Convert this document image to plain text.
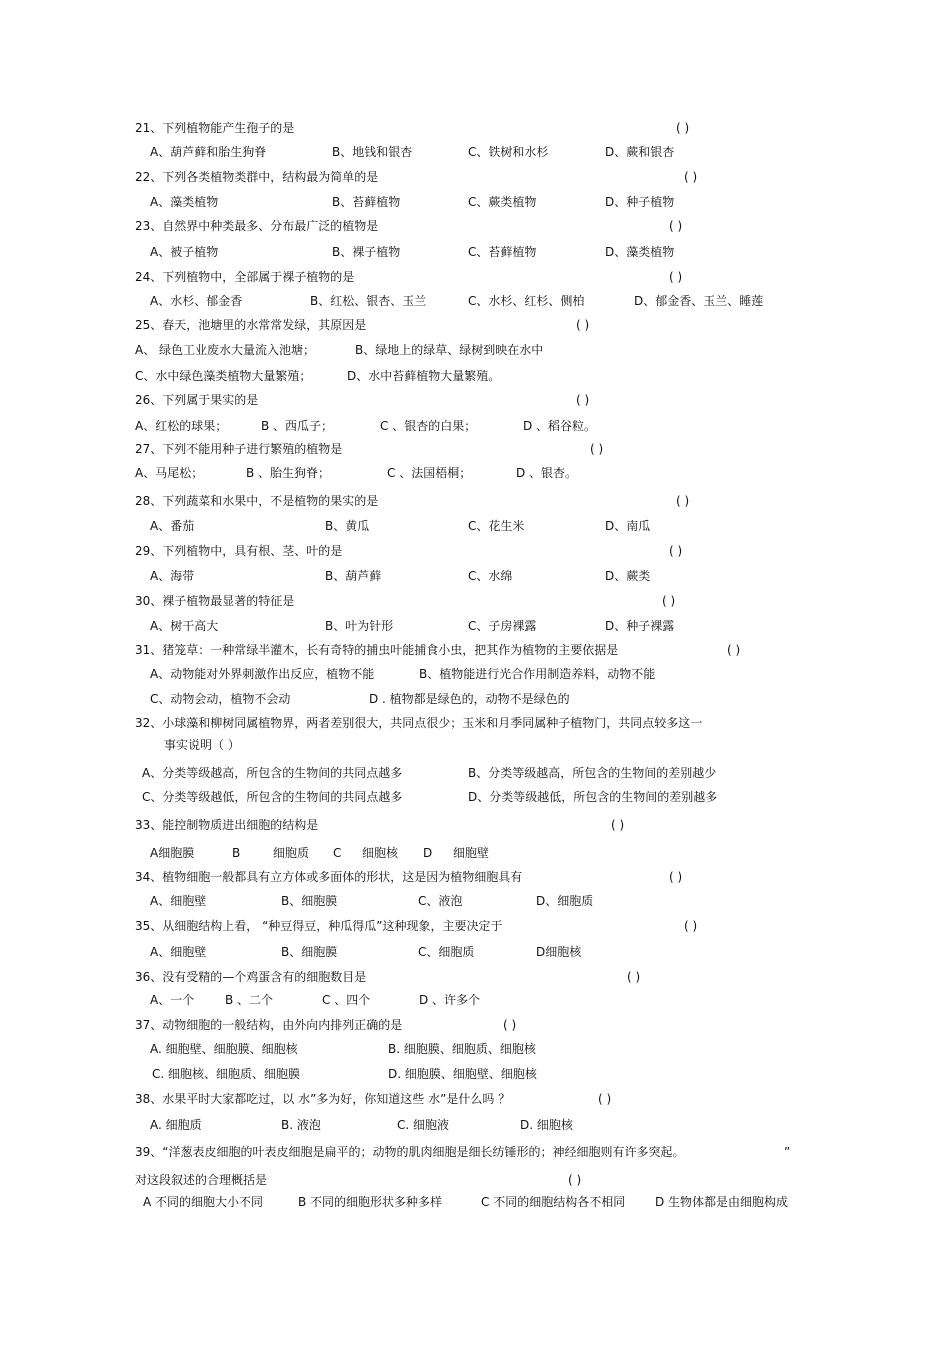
21、下列植物能产生孢子的是	( )
A、葫芦藓和胎生狗脊	B、地钱和银杏	C、铁树和水杉	D、蕨和银杏
22、下列各类植物类群中，结构最为简单的是	( )
A、藻类植物	B、苔藓植物	C、蕨类植物	D、种子植物
23、自然界中种类最多、分布最广泛的植物是	( )
A、被子植物	B、裸子植物	C、苔藓植物	D、藻类植物
24、下列植物中，全部属于裸子植物的是	( )
A、水杉、郁金香	B、红松、银杏、玉兰	C、水杉、红杉、侧柏	D、郁金香、玉兰、睡莲
25、春天，池塘里的水常常发绿，其原因是	( )
A、 绿色工业废水大量流入池塘；	B、绿地上的绿草、绿树到映在水中
C、水中绿色藻类植物大量繁殖；	D、水中苔藓植物大量繁殖。
26、下列属于果实的是	( )
A、红松的球果；	B 、西瓜子；	C 、银杏的白果；	D 、稻谷粒。
27、下列不能用种子进行繁殖的植物是	( )
A、马尾松；	B 、胎生狗脊；	C 、法国梧桐；	D 、银杏。
28、下列蔬菜和水果中，不是植物的果实的是	( )
A、番茄	B、黄瓜	C、花生米	D、南瓜
29、下列植物中，具有根、茎、叶的是	( )
A、海带	B、葫芦藓	C、水绵	D、蕨类
30、裸子植物最显著的特征是	( )
A、树干高大	B、叶为针形	C、子房裸露	D、种子裸露
31、猪笼草：一种常绿半灌木，长有奇特的捕虫叶能捕食小虫，把其作为植物的主要依据是	( )
A、动物能对外界刺激作出反应，植物不能	B、植物能进行光合作用制造养料，动物不能
C、动物会动，植物不会动	D . 植物都是绿色的，动物不是绿色的
32、小球藻和柳树同属植物界，两者差别很大，共同点很少；玉米和月季同属种子植物门，共同点较多这一
事实说明（ ）
A、分类等级越高，所包含的生物间的共同点越多	B、分类等级越高，所包含的生物间的差别越少
C、分类等级越低，所包含的生物间的共同点越多	D、分类等级越低，所包含的生物间的差别越多
33、能控制物质进出细胞的结构是	( )
A细胞膜	B	细胞质 C 细胞核 D 细胞壁
34、植物细胞一般都具有立方体或多面体的形状，这是因为植物细胞具有	( )
A、细胞壁	B、细胞膜	C、液泡	D、细胞质
35、从细胞结构上看， “种豆得豆，种瓜得瓜”这种现象，主要决定于	( )
A、细胞壁	B、细胞膜	C、细胞质	D细胞核
36、没有受精的—个鸡蛋含有的细胞数目是	( )
A、一个	B 、二个	C 、四个	D 、许多个
37、动物细胞的一般结构，由外向内排列正确的是	( )
A. 细胞壁、细胞膜、细胞核	B. 细胞膜、细胞质、细胞核
C. 细胞核、细胞质、细胞膜	D. 细胞膜、细胞壁、细胞核
38、水果平时大家都吃过，以 水”多为好，你知道这些 水”是什么吗 ？	( )
A. 细胞质	B. 液泡	C. 细胞液	D. 细胞核
39、“洋葱表皮细胞的叶表皮细胞是扁平的；动物的肌肉细胞是细长纺锤形的；神经细胞则有许多突起。	”
对这段叙述的合理概括是	( )
A 不同的细胞大小不同	B 不同的细胞形状多种多样	C 不同的细胞结构各不相同 D 生物体都是由细胞构成
